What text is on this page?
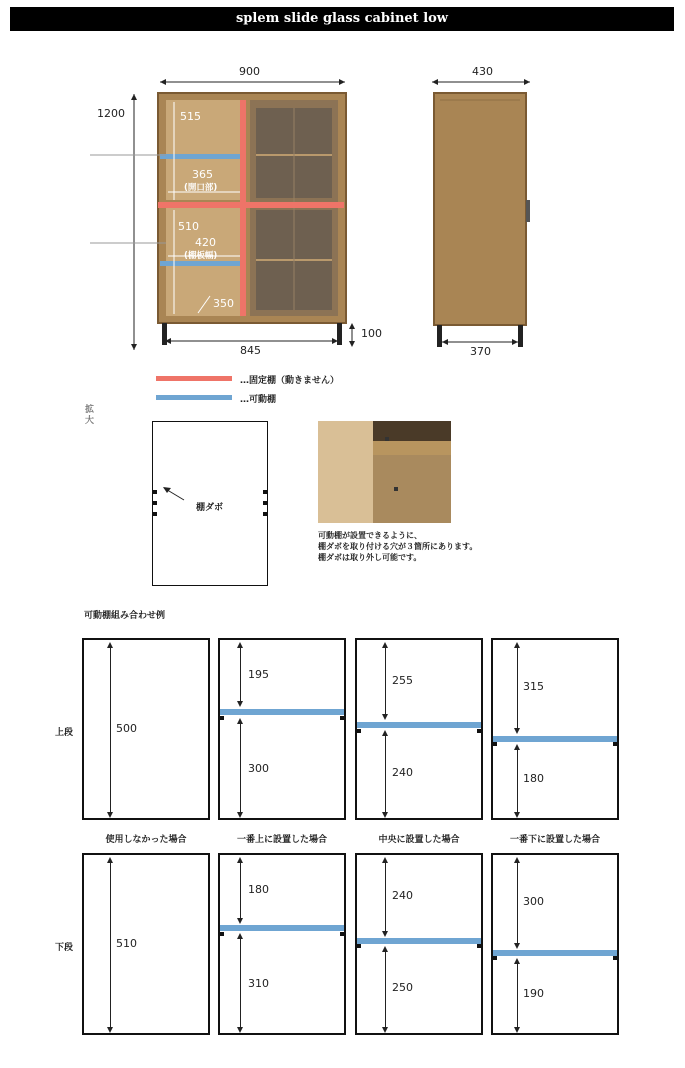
splem slide glass cabinet low
900
1200	515
365
(開口部)
510
420
(棚板幅)
350
100
845
430
370
…固定棚（動きません）
…可動棚
拡大
棚ダボ
可動棚が設置できるように、
棚ダボを取り付ける穴が３箇所にあります。
棚ダボは取り外し可能です。
可動棚組み合わせ例
上段
下段
500
195
300
255
240
315
180
使用しなかった場合	一番上に設置した場合	中央に設置した場合	一番下に設置した場合
510
180
310
240
250
300
190
